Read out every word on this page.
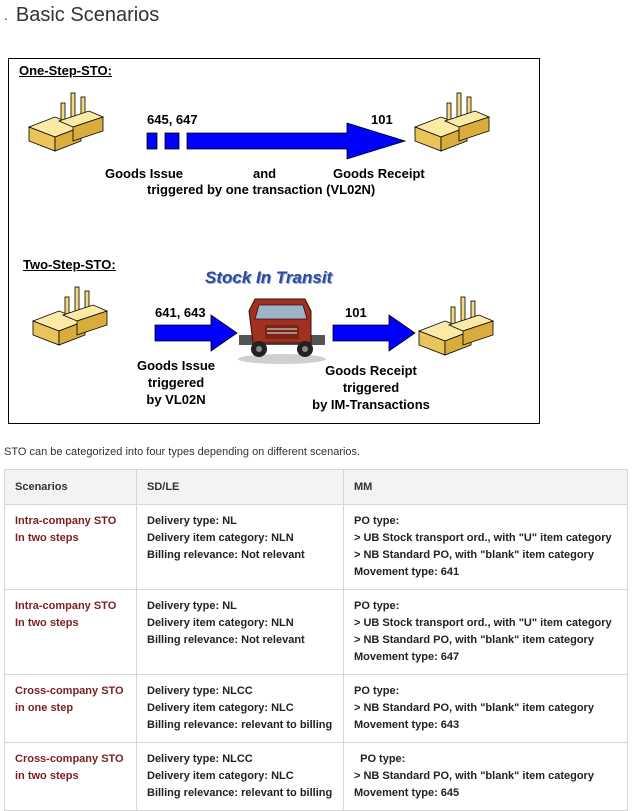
. Basic Scenarios
One-Step-STO:
645, 647	101
Goods Issue	and	Goods Receipt
triggered by one transaction (VL02N)
Two-Step-STO:
Stock In Transit
641, 643	101
Goods Issue
triggered
by VL02N
Goods Receipt
triggered
by IM-Transactions
STO can be categorized into four types depending on different scenarios.
Scenarios	SD/LE	MM

Intra-company STO
In two steps	Delivery type: NL
Delivery item category: NLN
Billing relevance: Not relevant	PO type:
> UB Stock transport ord., with "U" item category
> NB Standard PO, with "blank" item category
Movement type: 641

Intra-company STO
In two steps	Delivery type: NL
Delivery item category: NLN
Billing relevance: Not relevant	PO type:
> UB Stock transport ord., with "U" item category
> NB Standard PO, with "blank" item category
Movement type: 647

Cross-company STO
in one step	Delivery type: NLCC
Delivery item category: NLC
Billing relevance: relevant to billing	PO type:
> NB Standard PO, with "blank" item category
Movement type: 643

Cross-company STO
in two steps	Delivery type: NLCC
Delivery item category: NLC
Billing relevance: relevant to billing	PO type:
> NB Standard PO, with "blank" item category
Movement type: 645
